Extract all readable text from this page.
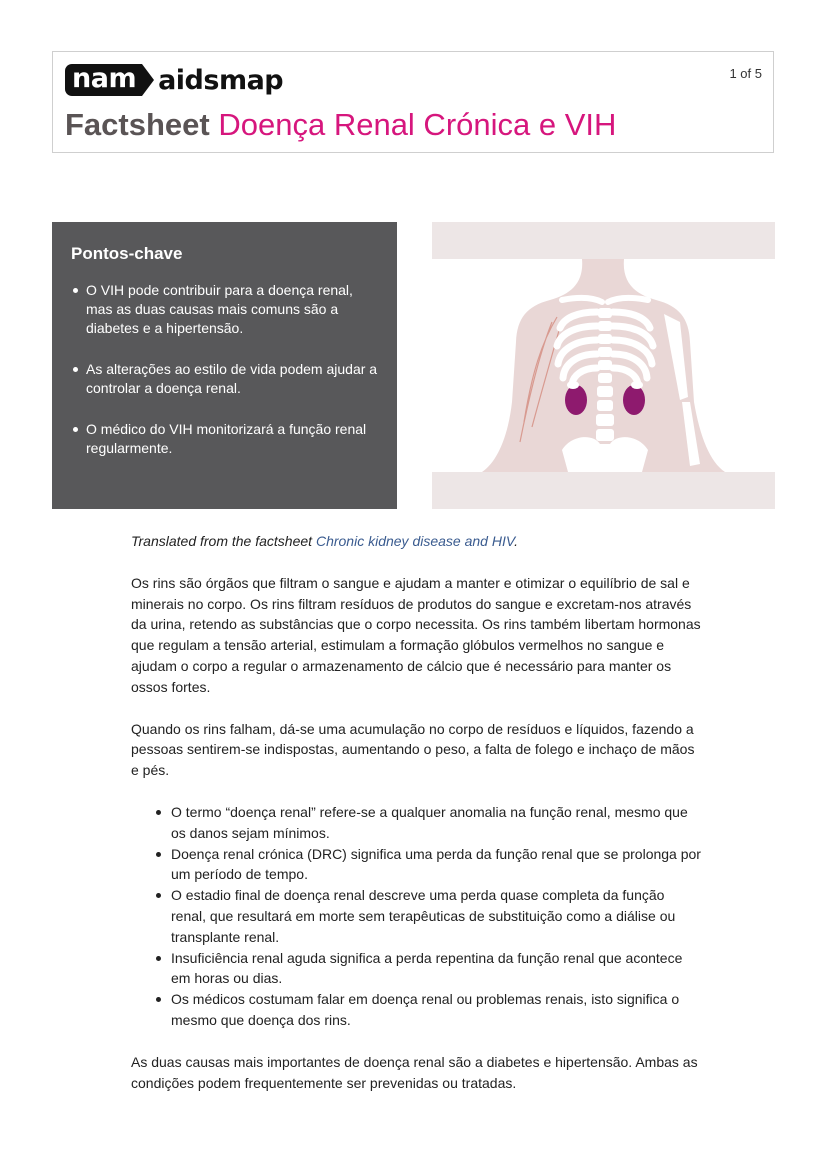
nam aidsmap	1 of 5
Factsheet Doença Renal Crónica e VIH
Pontos-chave
O VIH pode contribuir para a doença renal, mas as duas causas mais comuns são a diabetes e a hipertensão.
As alterações ao estilo de vida podem ajudar a controlar a doença renal.
O médico do VIH monitorizará a função renal regularmente.

Translated from the factsheet Chronic kidney disease and HIV.

Os rins são órgãos que filtram o sangue e ajudam a manter e otimizar o equilíbrio de sal e minerais no corpo. Os rins filtram resíduos de produtos do sangue e excretam-nos através da urina, retendo as substâncias que o corpo necessita. Os rins também libertam hormonas que regulam a tensão arterial, estimulam a formação glóbulos vermelhos no sangue e ajudam o corpo a regular o armazenamento de cálcio que é necessário para manter os ossos fortes.

Quando os rins falham, dá-se uma acumulação no corpo de resíduos e líquidos, fazendo a pessoas sentirem-se indispostas, aumentando o peso, a falta de folego e inchaço de mãos e pés.

O termo “doença renal” refere-se a qualquer anomalia na função renal, mesmo que os danos sejam mínimos.
Doença renal crónica (DRC) significa uma perda da função renal que se prolonga por um período de tempo.
O estadio final de doença renal descreve uma perda quase completa da função renal, que resultará em morte sem terapêuticas de substituição como a diálise ou transplante renal.
Insuficiência renal aguda significa a perda repentina da função renal que acontece em horas ou dias.
Os médicos costumam falar em doença renal ou problemas renais, isto significa o mesmo que doença dos rins.

As duas causas mais importantes de doença renal são a diabetes e hipertensão. Ambas as condições podem frequentemente ser prevenidas ou tratadas.
